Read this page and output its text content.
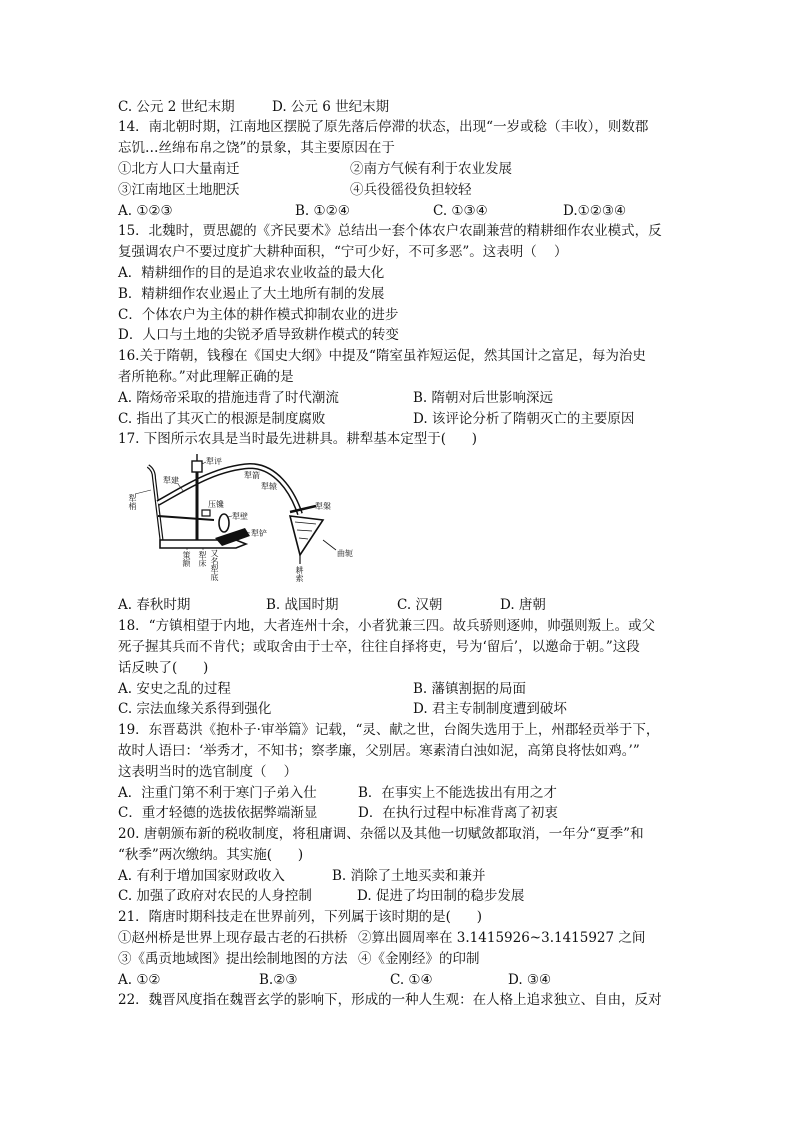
C. 公元 2 世纪末期

	D. 公元 6 世纪末期

14．南北朝时期，江南地区摆脱了原先落后停滞的状态，出现“一岁或稔（丰收），则数郡
忘饥…丝绵布帛之饶”的景象，其主要原因在于

①北方人口大量南迁

	②南方气候有利于农业发展

③江南地区土地肥沃

	④兵役徭役负担较轻

A. ①②③

	B. ①②④

	C. ①③④

	D.①②③④

15．北魏时，贾思勰的《齐民要术》总结出一套个体农户农副兼营的精耕细作农业模式，反
复强调农户不要过度扩大耕种面积，“宁可少好，不可多恶”。这表明（    ）
A．精耕细作的目的是追求农业收益的最大化
B．精耕细作农业遏止了大土地所有制的发展
C．个体农户为主体的耕作模式抑制农业的进步
D．人口与土地的尖锐矛盾导致耕作模式的转变
16.关于隋朝，钱穆在《国史大纲》中提及“隋室虽祚短运促，然其国计之富足，每为治史
者所艳称。”对此理解正确的是

A. 隋炀帝采取的措施违背了时代潮流

	B. 隋朝对后世影响深远

C. 指出了其灭亡的根源是制度腐败

	D. 该评论分析了隋朝灭亡的主要原因

17. 下图所示农具是当时最先进耕具。耕犁基本定型于(      )
犁建
犁评
犁箭
犁辕
犁梢	压镵
犁壁
犁铲
犁槃
策额 犁床 又名犁底	曲轭
耕索

A. 春秋时期

	B. 战国时期

	C. 汉朝

	D. 唐朝

18．“方镇相望于内地，大者连州十余，小者犹兼三四。故兵骄则逐帅，帅强则叛上。或父
死子握其兵而不肯代；或取舍由于士卒，往往自择将吏，号为‘留后’，以邀命于朝。”这段
话反映了(      )

A. 安史之乱的过程

	B. 藩镇割据的局面

C. 宗法血缘关系得到强化

	D. 君主专制制度遭到破坏

19．东晋葛洪《抱朴子·审举篇》记载，“灵、献之世，台阁失选用于上，州郡轻贡举于下，
故时人语曰：‘举秀才，不知书；察孝廉，父别居。寒素清白浊如泥，高第良将怯如鸡。’”
这表明当时的选官制度（    ）

A．注重门第不利于寒门子弟入仕

	B．在事实上不能选拔出有用之才

C．重才轻德的选拔依据弊端渐显

	D．在执行过程中标准背离了初衷

20. 唐朝颁布新的税收制度，将租庸调、杂徭以及其他一切赋敛都取消，一年分“夏季”和
“秋季”两次缴纳。其实施(      )

A. 有利于增加国家财政收入

	B. 消除了土地买卖和兼并

C. 加强了政府对农民的人身控制

	D. 促进了均田制的稳步发展

21．隋唐时期科技走在世界前列，下列属于该时期的是(      )

①赵州桥是世界上现存最古老的石拱桥

②算出圆周率在 3.1415926~3.1415927 之间

③《禹贡地域图》提出绘制地图的方法

④《金刚经》的印制

A. ①②

	B.②③

	C. ①④

	D. ③④

22．魏晋风度指在魏晋玄学的影响下，形成的一种人生观：在人格上追求独立、自由，反对
